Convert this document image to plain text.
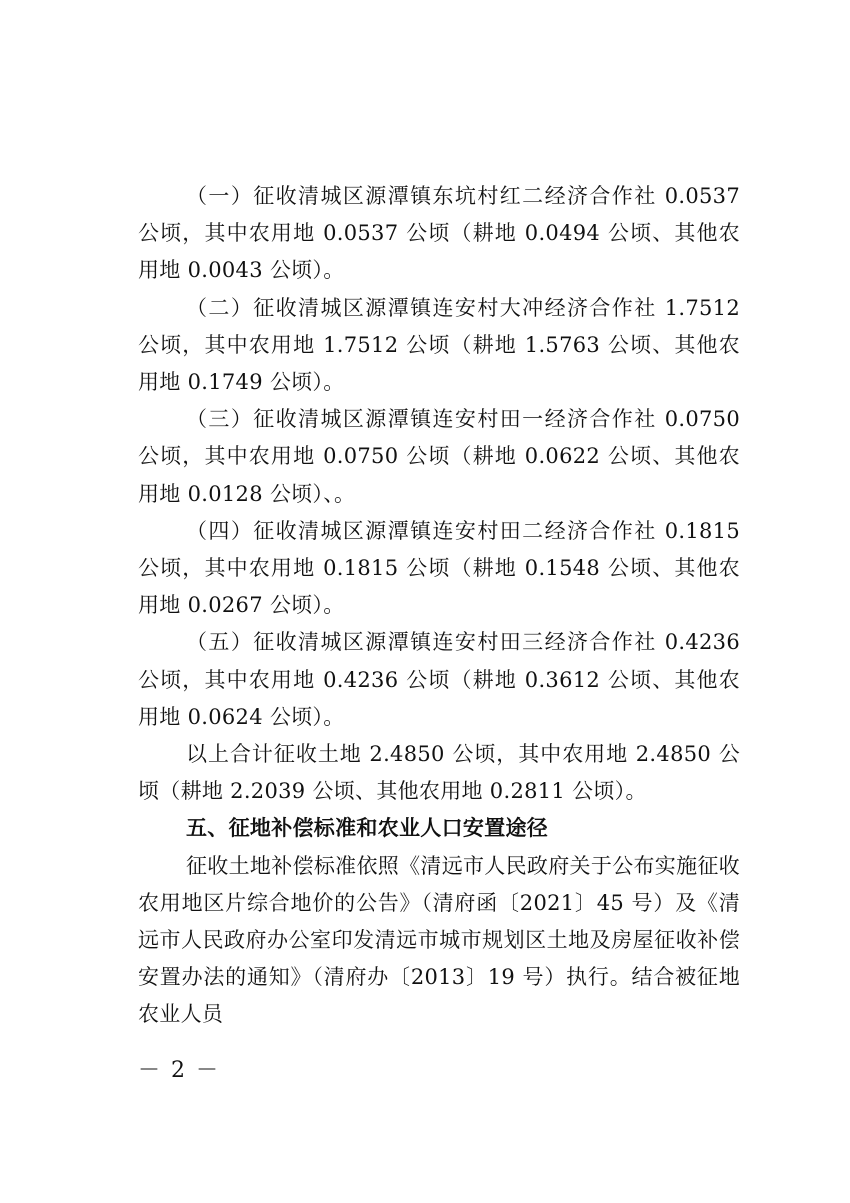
（一）征收清城区源潭镇东坑村红二经济合作社 0.0537 公顷，其中农用地 0.0537 公顷（耕地 0.0494 公顷、其他农用地 0.0043 公顷）。

（二）征收清城区源潭镇连安村大冲经济合作社 1.7512 公顷，其中农用地 1.7512 公顷（耕地 1.5763 公顷、其他农用地 0.1749 公顷）。

（三）征收清城区源潭镇连安村田一经济合作社 0.0750 公顷，其中农用地 0.0750 公顷（耕地 0.0622 公顷、其他农用地 0.0128 公顷）、。

（四）征收清城区源潭镇连安村田二经济合作社 0.1815 公顷，其中农用地 0.1815 公顷（耕地 0.1548 公顷、其他农用地 0.0267 公顷）。

（五）征收清城区源潭镇连安村田三经济合作社 0.4236 公顷，其中农用地 0.4236 公顷（耕地 0.3612 公顷、其他农用地 0.0624 公顷）。

以上合计征收土地 2.4850 公顷，其中农用地 2.4850 公顷（耕地 2.2039 公顷、其他农用地 0.2811 公顷）。

五、征地补偿标准和农业人口安置途径

征收土地补偿标准依照《清远市人民政府关于公布实施征收农用地区片综合地价的公告》（清府函〔2021〕45 号）及《清远市人民政府办公室印发清远市城市规划区土地及房屋征收补偿安置办法的通知》（清府办〔2013〕19 号）执行。结合被征地农业人员

－ 2 －
